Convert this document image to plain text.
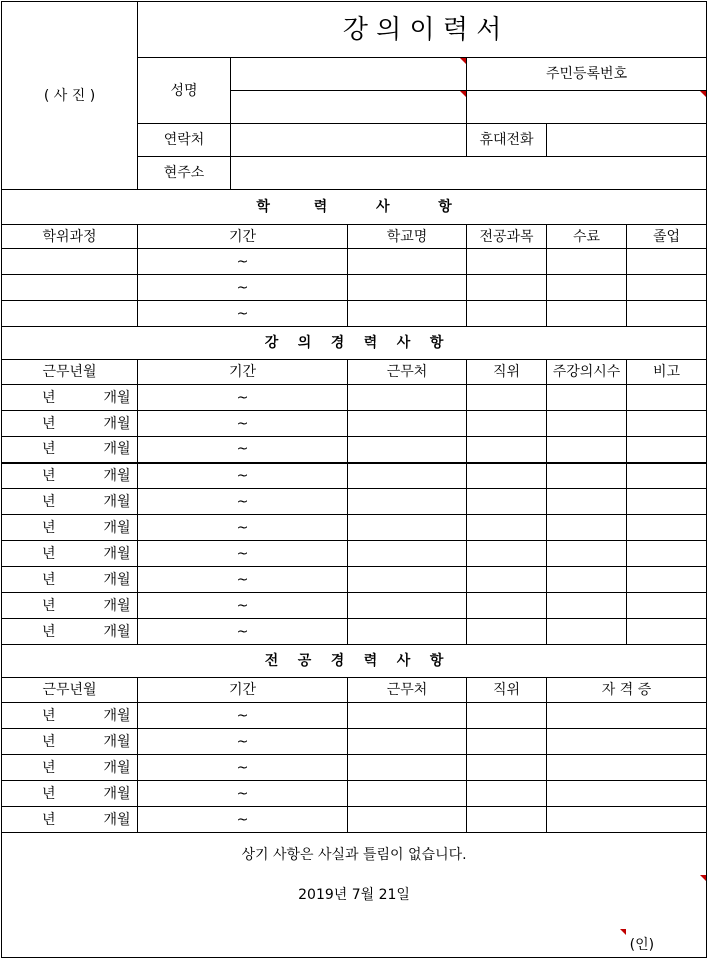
( 사 진 )	강 의 이 력 서					
	성명			주민등록번호		

	연락처			휴대전화		
	현주소					
학         력          사          항						
학위과정	기간		학교명	전공과목	수료	졸업
	~					
	~					
	~					
강    의    경    력    사    항						
근무년월	기간		근무처	직위	주강의시수	비고
년 개월	~					
년 개월	~					
년 개월	~					
년 개월	~					
년 개월	~					
년 개월	~					
년 개월	~					
년 개월	~					
년 개월	~					
년 개월	~					
전    공    경    력    사    항						
근무년월	기간		근무처	직위	자 격 증	
년 개월	~					
년 개월	~					
년 개월	~					
년 개월	~					
년 개월	~					

상기 사항은 사실과 틀림이 없습니다.
2019년 7월 21일
(인)						
